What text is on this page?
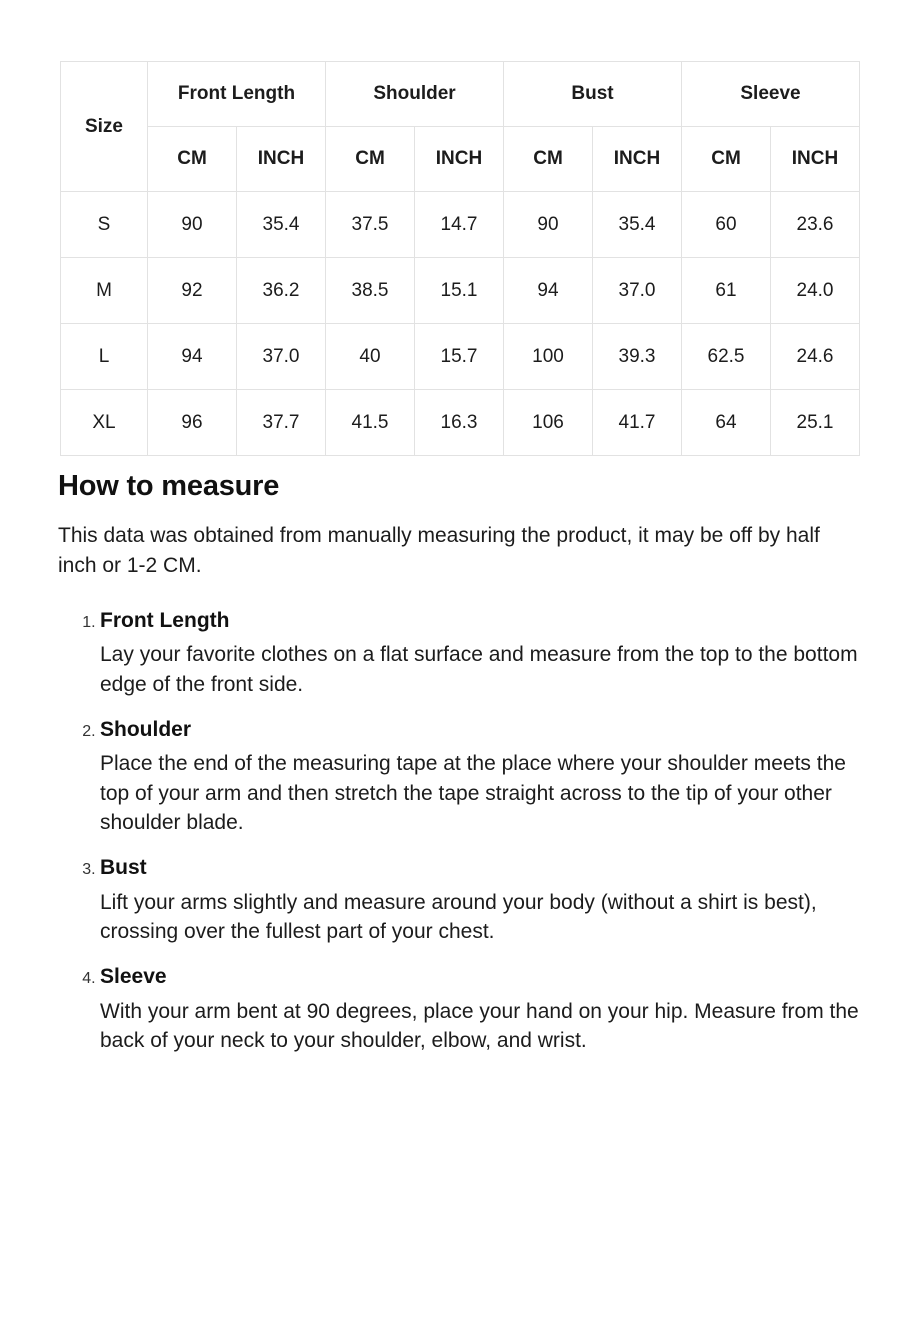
Size	Front Length		Shoulder		Bust		Sleeve	
	CM	INCH	CM	INCH	CM	INCH	CM	INCH
S	90	35.4	37.5	14.7	90	35.4	60	23.6
M	92	36.2	38.5	15.1	94	37.0	61	24.0
L	94	37.0	40	15.7	100	39.3	62.5	24.6
XL	96	37.7	41.5	16.3	106	41.7	64	25.1
How to measure

This data was obtained from manually measuring the product, it may be off by half inch or 1-2 CM.

1. Front Length
Lay your favorite clothes on a flat surface and measure from the top to the bottom edge of the front side.
2. Shoulder
Place the end of the measuring tape at the place where your shoulder meets the top of your arm and then stretch the tape straight across to the tip of your other shoulder blade.
3. Bust
Lift your arms slightly and measure around your body (without a shirt is best), crossing over the fullest part of your chest.
4. Sleeve
With your arm bent at 90 degrees, place your hand on your hip. Measure from the back of your neck to your shoulder, elbow, and wrist.
